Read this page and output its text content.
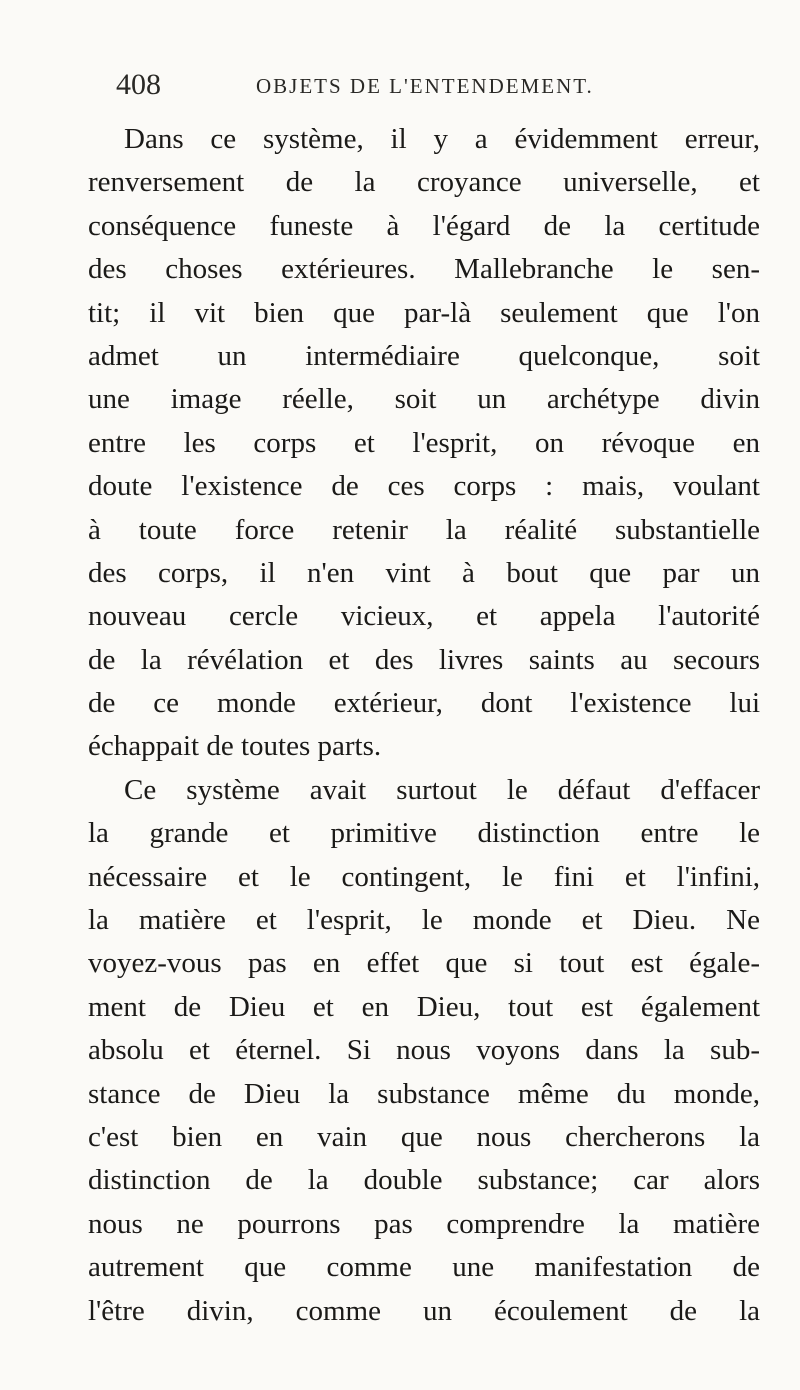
408	OBJETS DE L'ENTENDEMENT.
Dans ce système, il y a évidemment erreur,
renversement de la croyance universelle, et
conséquence funeste à l'égard de la certitude
des choses extérieures. Mallebranche le sen-
tit; il vit bien que par-là seulement que l'on
admet un intermédiaire quelconque, soit
une image réelle, soit un archétype divin
entre les corps et l'esprit, on révoque en
doute l'existence de ces corps : mais, voulant
à toute force retenir la réalité substantielle
des corps, il n'en vint à bout que par un
nouveau cercle vicieux, et appela l'autorité
de la révélation et des livres saints au secours
de ce monde extérieur, dont l'existence lui
échappait de toutes parts.
Ce système avait surtout le défaut d'effacer
la grande et primitive distinction entre le
nécessaire et le contingent, le fini et l'infini,
la matière et l'esprit, le monde et Dieu. Ne
voyez-vous pas en effet que si tout est égale-
ment de Dieu et en Dieu, tout est également
absolu et éternel. Si nous voyons dans la sub-
stance de Dieu la substance même du monde,
c'est bien en vain que nous chercherons la
distinction de la double substance; car alors
nous ne pourrons pas comprendre la matière
autrement que comme une manifestation de
l'être divin, comme un écoulement de la
